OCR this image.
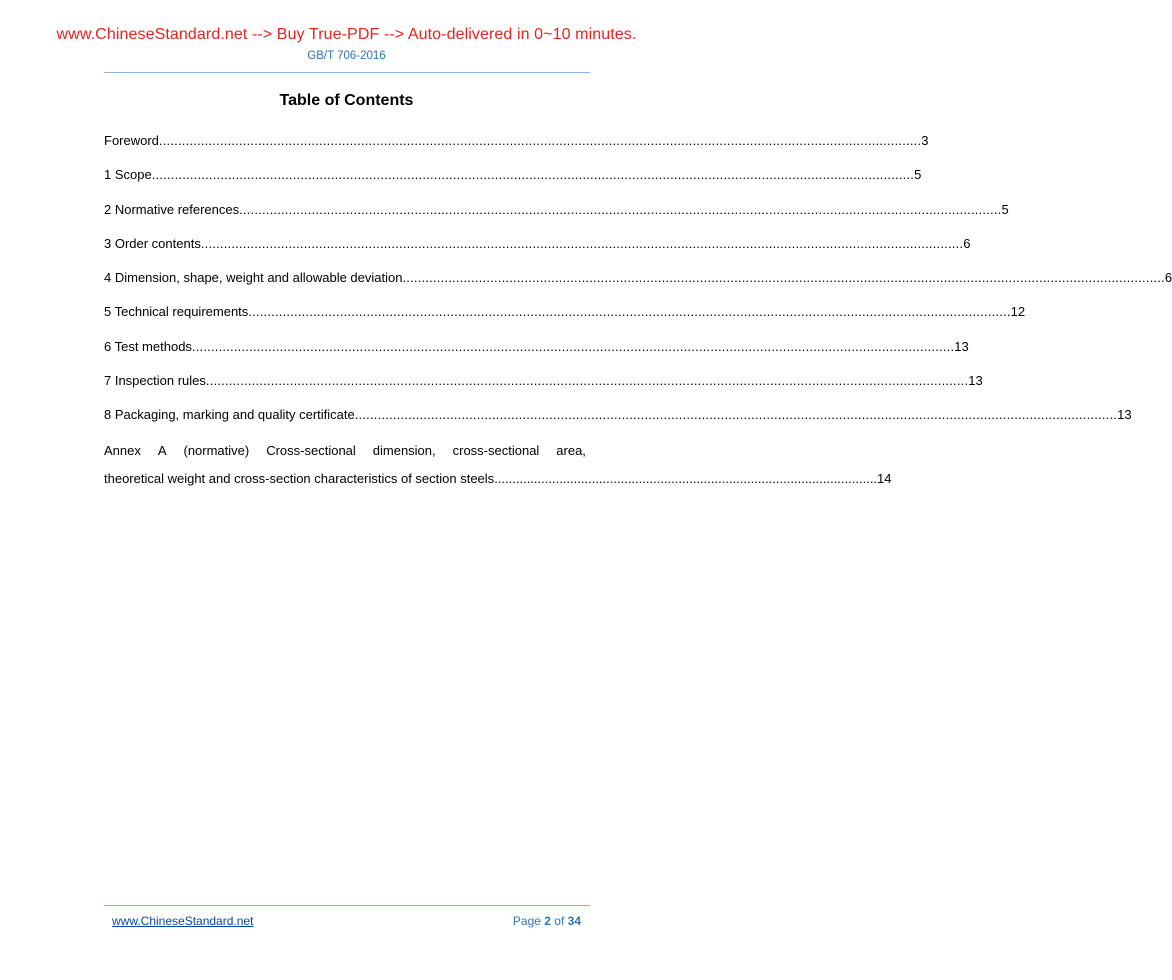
www.ChineseStandard.net --> Buy True-PDF --> Auto-delivered in 0~10 minutes.
GB/T 706-2016
Table of Contents
Foreword ........................................................................................................................................................................................................ 3
1 Scope ........................................................................................................................................................................................................ 5
2 Normative references ........................................................................................................................................................................................................ 5
3 Order contents ........................................................................................................................................................................................................ 6
4 Dimension, shape, weight and allowable deviation ........................................................................................................................................................................................................ 6
5 Technical requirements ........................................................................................................................................................................................................ 12
6 Test methods ........................................................................................................................................................................................................ 13
7 Inspection rules ........................................................................................................................................................................................................ 13
8 Packaging, marking and quality certificate ........................................................................................................................................................................................................ 13
Annex A (normative) Cross-sectional dimension, cross-sectional area,
theoretical weight and cross-section characteristics of section steels .......................................................................................................... 14
www.ChineseStandard.net	Page 2 of 34
